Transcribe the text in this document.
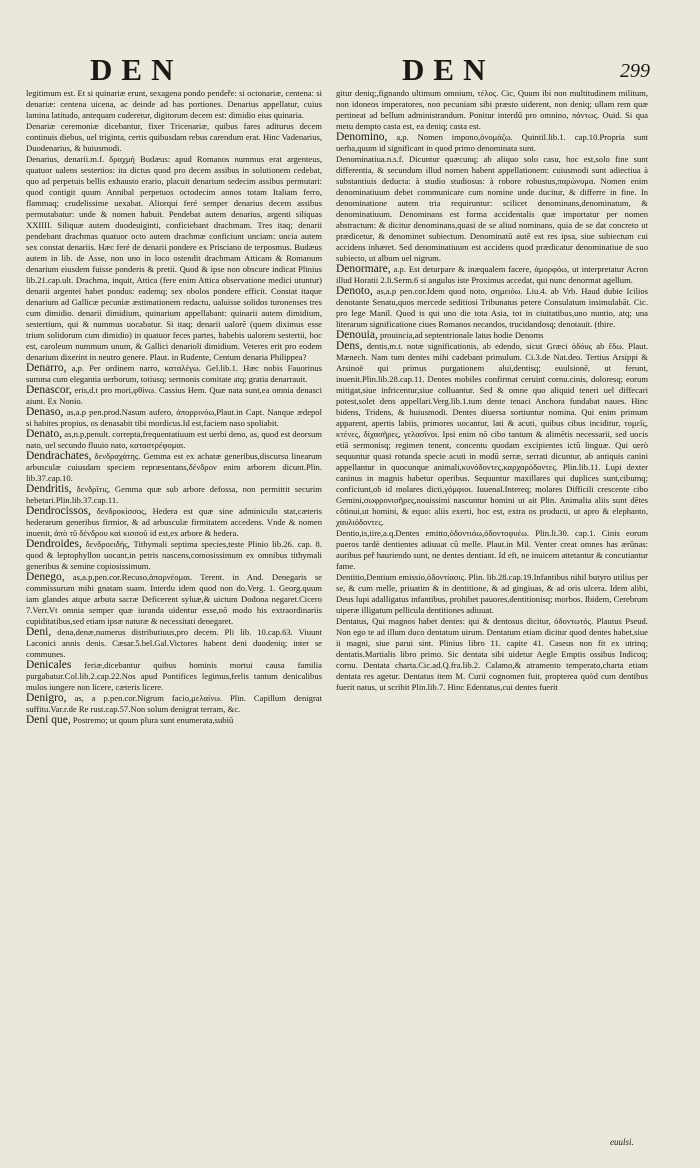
DEN	DEN	299
legitimum est. Et si quinariæ erunt, sexagena pondo pendeře: si octonariæ, centena: si denariæ: centena uicena, ac deinde ad has portiones. Denarius appellatur, cuius lamina latitudo, antequam cuderetur, digitorum decem est: dimidio eius quinaria.
Denariæ ceremoniæ dicebantur, fixer Tricenariæ, quibus fares aditurus decem continuis diebus, uel triginta, certis quibusdam rebus carendum erat. Hinc Vadenarius, Duodenarius, & huiusmodi.
Denarius, denarii.m.f. δραχμή Budæus: apud Romanos nummus erat argenteus, quatuor ualens sestertios: ita dictus quod pro decem assibus in solutionem cedebat, quo ad perpetuis bellis exhausto erario, placuit denarium sedecim assibus permutari: quod contigit quum Annibal perpetuos octodecim annos totam Italiam ferro, flammaq; crudelissime uexabat. Aliorqui feré semper denarius decem assibus permutabatur: unde & nomen habuit. Pendebat autem denarius, argenti siliquas XXIIII. Siliquæ autem duodeuiginti, conficiebant drachmam. Tres itaq; denarii pendebant drachmas quatuor octo autem drachmæ conficiunt unciam: uncia autem sex constat denariis. Hæc feré de denarii pondere ex Prisciano de terposmus. Budæus autem in lib. de Asse, non uno in loco ostendit drachmam Atticam & Romanum denarium eiusdem fuisse ponderis & pretii. Quod & ipse non obscure indicat Plinius lib.21.cap.ult. Drachma, inquit, Attica (fere enim Attica observatione medici utuntur) denarii argentei habet pondus: eademq; sex obolos pondere efficit. Constat itaque denarium ad Gallicæ pecuniæ æstimationem redactu, ualuisse solidos turonenses tres cum dimidio. denarii dimidium, quinarium appellabant: quinarii autem dimidium, sestertium, qui & nummus uocabatur. Si itaq; denarii ualorē (quem diximus esse trium solidorum cum dimidio) in quatuor feces partes, habebis ualorem sestertii, hoc est, caroleum nummum unum, & Gallici denarioli dimidium. Veteres erit pro eodem denarium dixerint in neutro genere. Plaut. in Rudente, Centum denaria Philippea?
Denarro, a,p. Per ordinem narro, καταλέγω. Gel.lib.1. Hæc nobis Fauorinus summa cum elegantia uerborum, totiusq; sermonis comitate atq; gratia denarrauit.
Denascor, eris,d.t pro mori,φθίνω. Cassius Hem. Quæ nata sunt,ea omnia denasci aiunt. Ex Nonio.
Denaso, as,a.p pen.prod.Nasum aufero, ἀπορρινόω,Plaut.in Capt. Nanque ædepol si habites propius, os denasabit tibi mordicus.Id est,faciem naso spoliabit.
Denato, as,n.p,penult. correpta,frequentatiuum est uerbi deno, as, quod est deorsum nato, uel secundo fluuio nato, καταστρέφομαι.
Dendrachates, δενδραχάτης. Gemma est ex achatæ generibus,discursu linearum arbusculæ cuiusdam speciem repræsentans,δένδρον enim arborem dicunt.Plin. lib.37.cap.10.
Dendritis, δενδρῖτις, Gemma quæ sub arbore defossa, non permittit securim hebetari.Plin.lib.37.cap.11.
Dendrocissos, δενδροκίσσος, Hedera est quæ sine adminiculo stat,cæteris hederarum generibus firmior, & ad arbusculæ firmitatem accedens. Vnde & nomen inuenit, ἀπὸ τῦ δένδρου καὶ κισσοῦ id est,ex arbore & hedera.
Dendroides, δενδροειδής, Tithymali septima species,teste Plinio lib.26. cap. 8. quod & leptophyllon uocant,in petris nascens,comosissimum ex omnibus tithymali generibus & semine copiosissimum.
Denego, as,a.p,pen.cor.Recuso,ἀπαρνέομαι. Terent. in And. Denegaris se commissurum mihi gnatam suam. Interdu idem quod non do.Verg. 1. Georg.quum iam glandes atque arbuta sacræ Deficerent syluæ,& uictum Dodona negaret.Cicero 7.Verr.Vt omnia semper quæ iuranda uidentur esse,nō modo his extraordinariis cupiditatibus,sed etiam ipsæ naturæ & necessitati denegaret.
Deni, dena,denæ,numerus distributiuus,pro decem. Pli lib. 10.cap.63. Viuunt Laconici annis denis. Cæsar.5.bel.Gal.Victores habent deni duodeniq; inter se communes.
Denicales feriæ,dicebantur quibus hominis mortui causa familia purgabatur.Col.lib.2.cap.22.Nos apud Pontifices legimus,ferlis tantum denicalibus mulos iungere non licere, cæteris licere.
Denigro, as, a p.pen.cor.Nigrum facio,μελαίνω. Plin. Capillum denigrat suffitu.Var.r.de Re rust.cap.57.Non solum denigrat terram, &c.
Deni que, Postremo; ut quum plura sunt enumerata,subiū
gitur deniq;,fignando ultimum omnium, τέλος. Cic, Quum ibi non multitudinem militum, non idoneos imperatores, non pecuniam sibi præsto uiderent, non deniq; ullam rem quæ pertineat ad bellum administrandum. Ponitur interdū pro omnino, πάντως. Ouid. Si qua metu dempto casta est, ea deniq; casta est.
Denomino, a,p. Nomen impono,ὀνομάζω. Quintil.lib.1. cap.10.Propria sunt uerba,quum id significant in quod primo denominata sunt.
Denominatiua.n.s.f. Dicuntur quæcunq; ab aliquo solo casu, hoc est,solo fine sunt differentia, & secundum illud nomen habent appellationem: cuiusmodi sunt adiectiua à substantiuis deducta: à studio studiosus: à robore robustus,παρώνυμα. Nomen enim denominatiuum debet communicare cum nomine unde ducitur, & differre in fine. In denominatione autem tria requiruntur: scilicet denominans,denominatum, & denominatiuum. Denominans est forma accidentalis quæ importatur per nomen abstractum: & dicitur denominans,quasi de se aliud nominans, quia de se dat concreto ut prædicetur, & denominet subiectum. Denominatū autē est res ipsa, siue subiectum cui accidens inhæret. Sed denominatiuum est accidens quod prædicatur denominatiue de suo subiecto, ut album uel nigrum.
Denormare, a.p. Est deturpare & inæqualem facere, ἀμορφόω, ut interpretatur Acron illud Horatii 2.li.Serm.6 si angulus iste Proximus accedat, qui nunc denormat agellum.
Denoto, as,a.p pen.cor.Idem quod noto, σημειόω. Liu.4. ab Vrb. Haud dubie Icilios denotante Senatu,quos mercede seditiosi Tribunatus petere Consulatum insimulabāt. Cic. pro lege Manil. Quod is qui uno die tota Asia, tot in ciuitatibus,uno nuntio, atq; una literarum significatione ciues Romanos necandos, trucidandosq; denotauit. (thire.
Denouia, prouincia,ad septentrionale latus hodie Denoms
Dens, dentis,m.t. notæ significationis, ab edendo, sicut Græci ὀδόυς ab ἔδω. Plaut. Mænech. Nam tum dentes mihi cadebant primulum. Ci.3.de Nat.deo. Tertius Arsippi & Arsinoë qui primus purgationem alui,dentisq; euulsionē, ut ferunt, inuenit.Plin.lib.28.cap.11. Dentes mobiles confirmat ceruinī cornu.cinis, doloresq; eorum mitigat,siue infricentur,siue colluantur. Sed & omne quo aliquid teneri uel diffecari potest,solet dens appellari.Verg.lib.1.tum dente tenaci Anchora fundabat naues. Hinc bidens, Tridens, & huiusmodi. Dentes diuersa sortiuntur nomina. Qui enim primum apparent, apertis labiis, primores uocantur, lati & acuti, quibus cibus inciditur, τομεῖς, κτένες, δίχασῆρες, γελασῖνοι. Ipsi enim nō cibo tantum & alimētis necessarii, sed uocis etiā sermonisq; regimen tenent, concentu quodam excipientes ictū linguæ. Qui uerò sequuntur quasi rotunda specie acuti in modū serræ, serrati dicuntur, ab antiquis canini appellantur in quocunque animali,κυνόδοντες,καρχαρόδοντες. Plin.lib.11. Lupi dexter caninus in magnis habetur operibus. Sequuntur maxillares qui duplices sunt,cibumq; conficiunt,ob id molares dicti,γόμφιοι. Iuuenal.Intereq; molares Difficili crescente cibo Gemini,σωφρονισῆρες,nouissimi nascuntur homini ut ait Plin. Animalia aliis sunt dētes cōtinui,ut homini, & equo: aliis exerti, hoc est, extra os producti, ut apro & elephanto, χαυλιόδοντες.
Dentio,is,iire,a.q.Dentes emitto,ὀδοντιάω,ὀδοντοφυέω. Plin.li.30. cap.1. Cinis eorum pueros tardè dentientes adiuuat cū melle. Plaut.in Mil. Venter creat omnes has ærūnas: auribus peř hauriendo sunt, ne dentes dentiant. Id eft, ne inuicem attetantur & concutiantur fame.
Dentitio,Dentium emissio,ὀδοντίασις. Plin. lib.28.cap.19.Infantibus nihil butyro utilius per se, & cum melle, priuatim & in dentitione, & ad gingiuas, & ad oris ulcera. Idem alibi, Deus lupi adalligatus infantibus, prohibet pauores,dentitionisq; morbos. Ibidem, Cerebrum uiperæ illigatum pellicula dentitiones adiuuat.
Dentatus, Qui magnos habet dentes: qui & dentosus dicitur, ὀδοντωτός. Plautus Pseud. Non ego te ad illum duco dentatum uirum. Dentatum etiam dicitur quod dentes habet,siue ii magni, siue parui sint. Plinius libro 11. capite 41. Caseus non fit ex utrinq; dentatis.Martialis libro primo. Sic dentata sibi uidetur Aegle Emptis ossibus Indicoq; cornu. Dentata charta.Cic.ad.Q.fra.lib.2. Calamo,& atramento temperato,charta etiam dentata res agetur. Dentatus item M. Curii cognomen fuit, propterea quòd cum dentibus fuerit natus, ut scribit Plin.lib.7. Hinc Edentatus,cui dentes fuerit
euulsi.
